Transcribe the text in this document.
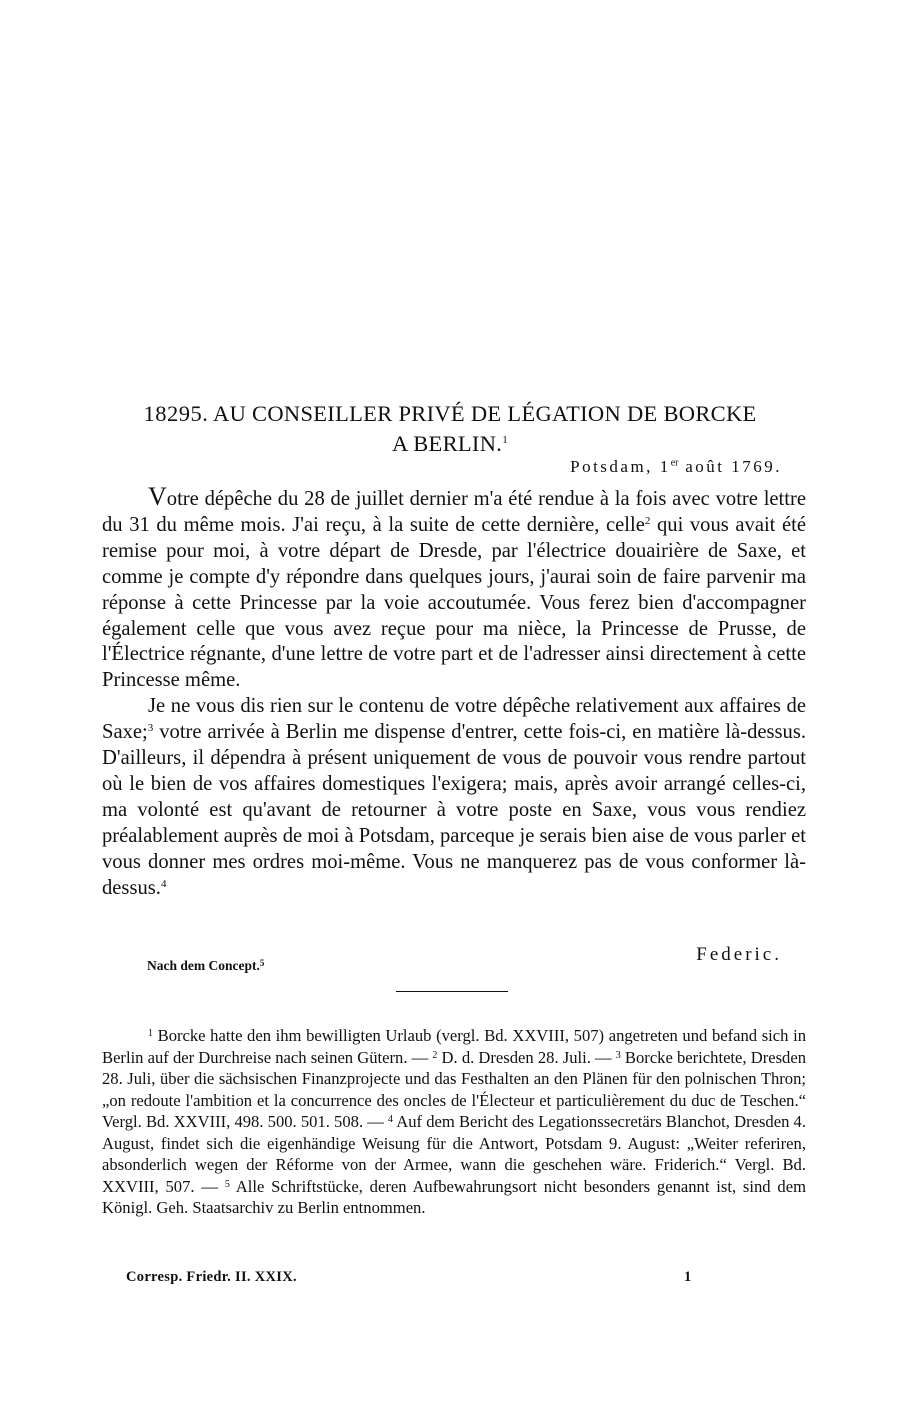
18295. AU CONSEILLER PRIVÉ DE LÉGATION DE BORCKE
A BERLIN.$^1$
Potsdam, 1er août 1769.

Votre dépêche du 28 de juillet dernier m'a été rendue à la fois avec votre lettre du 31 du même mois. J'ai reçu, à la suite de cette dernière, celle$^2$ qui vous avait été remise pour moi, à votre départ de Dresde, par l'électrice douairière de Saxe, et comme je compte d'y répondre dans quelques jours, j'aurai soin de faire parvenir ma réponse à cette Princesse par la voie accoutumée. Vous ferez bien d'accompagner également celle que vous avez reçue pour ma nièce, la Princesse de Prusse, de l'Électrice régnante, d'une lettre de votre part et de l'adresser ainsi directement à cette Princesse même.

Je ne vous dis rien sur le contenu de votre dépêche relativement aux affaires de Saxe;$^3$ votre arrivée à Berlin me dispense d'entrer, cette fois-ci, en matière là-dessus. D'ailleurs, il dépendra à présent uniquement de vous de pouvoir vous rendre partout où le bien de vos affaires domestiques l'exigera; mais, après avoir arrangé celles-ci, ma volonté est qu'avant de retourner à votre poste en Saxe, vous vous rendiez préalablement auprès de moi à Potsdam, parceque je serais bien aise de vous parler et vous donner mes ordres moi-même. Vous ne manquerez pas de vous conformer là-dessus.$^4$

Federic.
Nach dem Concept.$^5$

$^1$ Borcke hatte den ihm bewilligten Urlaub (vergl. Bd. XXVIII, 507) angetreten und befand sich in Berlin auf der Durchreise nach seinen Gütern. — $^2$ D. d. Dresden 28. Juli. — $^3$ Borcke berichtete, Dresden 28. Juli, über die sächsischen Finanzprojecte und das Festhalten an den Plänen für den polnischen Thron; „on redoute l'ambition et la concurrence des oncles de l'Électeur et particulièrement du duc de Teschen.“ Vergl. Bd. XXVIII, 498. 500. 501. 508. — $^4$ Auf dem Bericht des Legationssecretärs Blanchot, Dresden 4. August, findet sich die eigenhändige Weisung für die Antwort, Potsdam 9. August: „Weiter referiren, absonderlich wegen der Réforme von der Armee, wann die geschehen wäre. Friderich.“ Vergl. Bd. XXVIII, 507. — $^5$ Alle Schriftstücke, deren Aufbewahrungsort nicht besonders genannt ist, sind dem Königl. Geh. Staatsarchiv zu Berlin entnommen.

Corresp. Friedr. II. XXIX.	1
